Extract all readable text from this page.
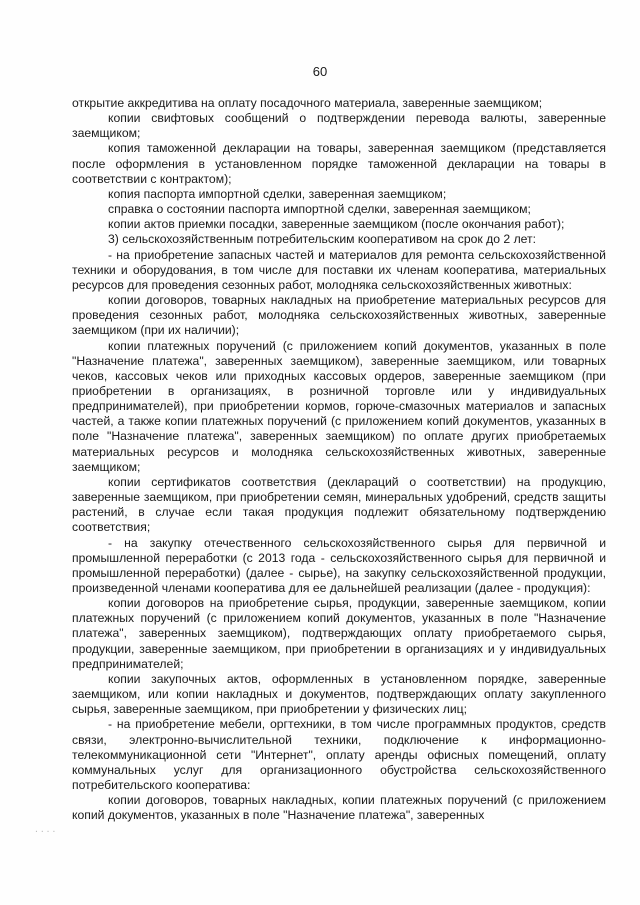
60

открытие аккредитива на оплату посадочного материала, заверенные заемщиком;

копии свифтовых сообщений о подтверждении перевода валюты, заверенные заемщиком;

копия таможенной декларации на товары, заверенная заемщиком (представляется после оформления в установленном порядке таможенной декларации на товары в соответствии с контрактом);

копия паспорта импортной сделки, заверенная заемщиком;

справка о состоянии паспорта импортной сделки, заверенная заемщиком;

копии актов приемки посадки, заверенные заемщиком (после окончания работ);

3) сельскохозяйственным потребительским кооперативом на срок до 2 лет:

- на приобретение запасных частей и материалов для ремонта сельскохозяйственной техники и оборудования, в том числе для поставки их членам кооператива, материальных ресурсов для проведения сезонных работ, молодняка сельскохозяйственных животных:

копии договоров, товарных накладных на приобретение материальных ресурсов для проведения сезонных работ, молодняка сельскохозяйственных животных, заверенные заемщиком (при их наличии);

копии платежных поручений (с приложением копий документов, указанных в поле "Назначение платежа", заверенных заемщиком), заверенные заемщиком, или товарных чеков, кассовых чеков или приходных кассовых ордеров, заверенные заемщиком (при приобретении в организациях, в розничной торговле или у индивидуальных предпринимателей), при приобретении кормов, горюче-смазочных материалов и запасных частей, а также копии платежных поручений (с приложением копий документов, указанных в поле "Назначение платежа", заверенных заемщиком) по оплате других приобретаемых материальных ресурсов и молодняка сельскохозяйственных животных, заверенные заемщиком;

копии сертификатов соответствия (деклараций о соответствии) на продукцию, заверенные заемщиком, при приобретении семян, минеральных удобрений, средств защиты растений, в случае если такая продукция подлежит обязательному подтверждению соответствия;

- на закупку отечественного сельскохозяйственного сырья для первичной и промышленной переработки (с 2013 года - сельскохозяйственного сырья для первичной и промышленной переработки) (далее - сырье), на закупку сельскохозяйственной продукции, произведенной членами кооператива для ее дальнейшей реализации (далее - продукция):

копии договоров на приобретение сырья, продукции, заверенные заемщиком, копии платежных поручений (с приложением копий документов, указанных в поле "Назначение платежа", заверенных заемщиком), подтверждающих оплату приобретаемого сырья, продукции, заверенные заемщиком, при приобретении в организациях и у индивидуальных предпринимателей;

копии закупочных актов, оформленных в установленном порядке, заверенные заемщиком, или копии накладных и документов, подтверждающих оплату закупленного сырья, заверенные заемщиком, при приобретении у физических лиц;

- на приобретение мебели, оргтехники, в том числе программных продуктов, средств связи, электронно-вычислительной техники, подключение к информационно-телекоммуникационной сети "Интернет", оплату аренды офисных помещений, оплату коммунальных услуг для организационного обустройства сельскохозяйственного потребительского кооператива:

копии договоров, товарных накладных, копии платежных поручений (с приложением копий документов, указанных в поле "Назначение платежа", заверенных

····
